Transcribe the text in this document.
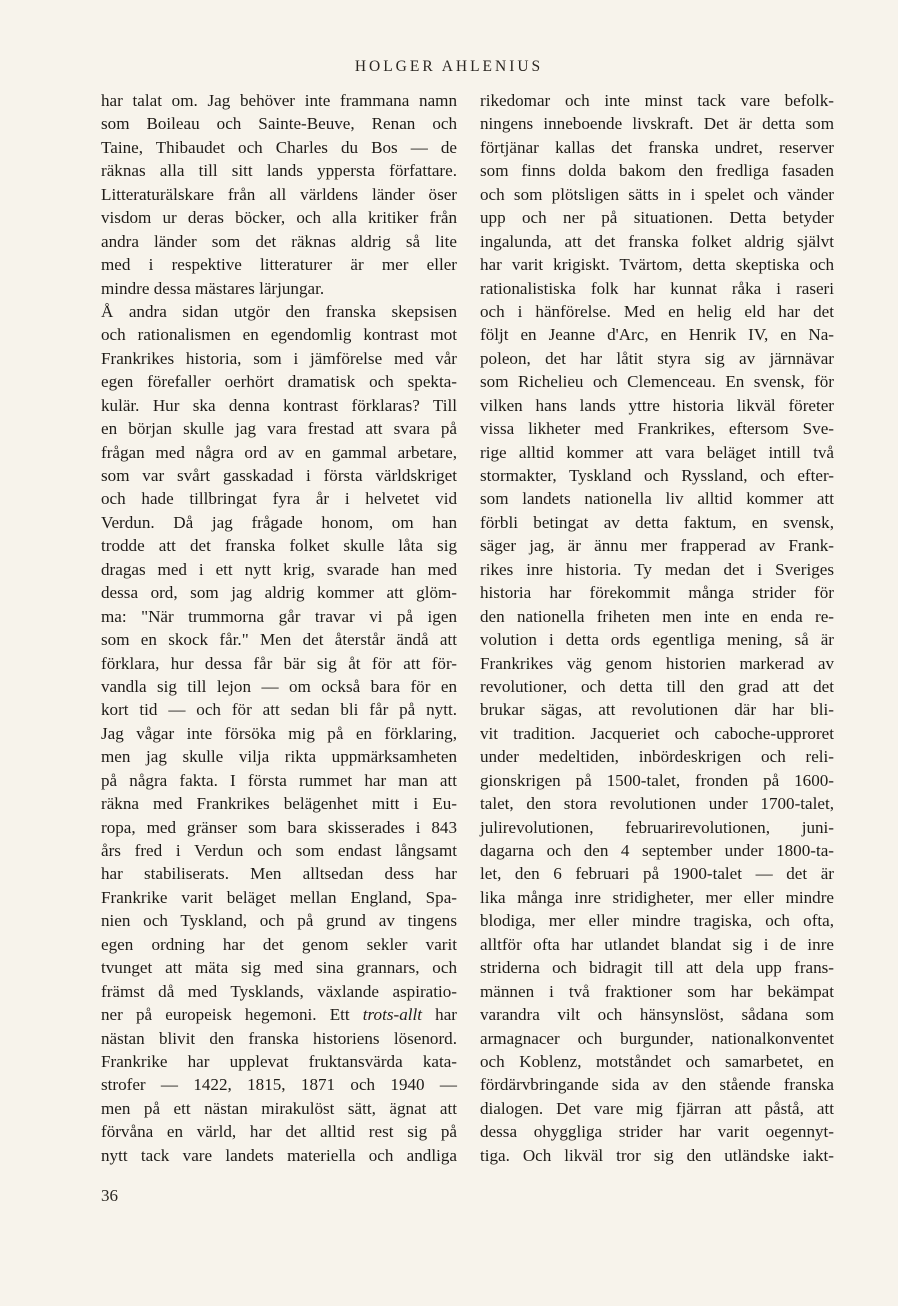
HOLGER AHLENIUS
har talat om. Jag behöver inte frammana namn
som Boileau och Sainte-Beuve, Renan och
Taine, Thibaudet och Charles du Bos — de
räknas alla till sitt lands yppersta författare.
Litteraturälskare från all världens länder öser
visdom ur deras böcker, och alla kritiker från
andra länder som det räknas aldrig så lite
med i respektive litteraturer är mer eller
mindre dessa mästares lärjungar.
Å andra sidan utgör den franska skepsisen
och rationalismen en egendomlig kontrast mot
Frankrikes historia, som i jämförelse med vår
egen förefaller oerhört dramatisk och spekta-
kulär. Hur ska denna kontrast förklaras? Till
en början skulle jag vara frestad att svara på
frågan med några ord av en gammal arbetare,
som var svårt gasskadad i första världskriget
och hade tillbringat fyra år i helvetet vid
Verdun. Då jag frågade honom, om han
trodde att det franska folket skulle låta sig
dragas med i ett nytt krig, svarade han med
dessa ord, som jag aldrig kommer att glöm-
ma: "När trummorna går travar vi på igen
som en skock får." Men det återstår ändå att
förklara, hur dessa får bär sig åt för att för-
vandla sig till lejon — om också bara för en
kort tid — och för att sedan bli får på nytt.
Jag vågar inte försöka mig på en förklaring,
men jag skulle vilja rikta uppmärksamheten
på några fakta. I första rummet har man att
räkna med Frankrikes belägenhet mitt i Eu-
ropa, med gränser som bara skisserades i 843
års fred i Verdun och som endast långsamt
har stabiliserats. Men alltsedan dess har
Frankrike varit beläget mellan England, Spa-
nien och Tyskland, och på grund av tingens
egen ordning har det genom sekler varit
tvunget att mäta sig med sina grannars, och
främst då med Tysklands, växlande aspiratio-
ner på europeisk hegemoni. Ett trots-allt har
nästan blivit den franska historiens lösenord.
Frankrike har upplevat fruktansvärda kata-
strofer — 1422, 1815, 1871 och 1940 —
men på ett nästan mirakulöst sätt, ägnat att
förvåna en värld, har det alltid rest sig på
nytt tack vare landets materiella och andliga
rikedomar och inte minst tack vare befolk-
ningens inneboende livskraft. Det är detta som
förtjänar kallas det franska undret, reserver
som finns dolda bakom den fredliga fasaden
och som plötsligen sätts in i spelet och vänder
upp och ner på situationen. Detta betyder
ingalunda, att det franska folket aldrig självt
har varit krigiskt. Tvärtom, detta skeptiska och
rationalistiska folk har kunnat råka i raseri
och i hänförelse. Med en helig eld har det
följt en Jeanne d'Arc, en Henrik IV, en Na-
poleon, det har låtit styra sig av järnnävar
som Richelieu och Clemenceau. En svensk, för
vilken hans lands yttre historia likväl företer
vissa likheter med Frankrikes, eftersom Sve-
rige alltid kommer att vara beläget intill två
stormakter, Tyskland och Ryssland, och efter-
som landets nationella liv alltid kommer att
förbli betingat av detta faktum, en svensk,
säger jag, är ännu mer frapperad av Frank-
rikes inre historia. Ty medan det i Sveriges
historia har förekommit många strider för
den nationella friheten men inte en enda re-
volution i detta ords egentliga mening, så är
Frankrikes väg genom historien markerad av
revolutioner, och detta till den grad att det
brukar sägas, att revolutionen där har bli-
vit tradition. Jacqueriet och caboche-upproret
under medeltiden, inbördeskrigen och reli-
gionskrigen på 1500-talet, fronden på 1600-
talet, den stora revolutionen under 1700-talet,
julirevolutionen, februarirevolutionen, juni-
dagarna och den 4 september under 1800-ta-
let, den 6 februari på 1900-talet — det är
lika många inre stridigheter, mer eller mindre
blodiga, mer eller mindre tragiska, och ofta,
alltför ofta har utlandet blandat sig i de inre
striderna och bidragit till att dela upp frans-
männen i två fraktioner som har bekämpat
varandra vilt och hänsynslöst, sådana som
armagnacer och burgunder, nationalkonventet
och Koblenz, motståndet och samarbetet, en
fördärvbringande sida av den stående franska
dialogen. Det vare mig fjärran att påstå, att
dessa ohyggliga strider har varit oegennyt-
tiga. Och likväl tror sig den utländske iakt-
36
